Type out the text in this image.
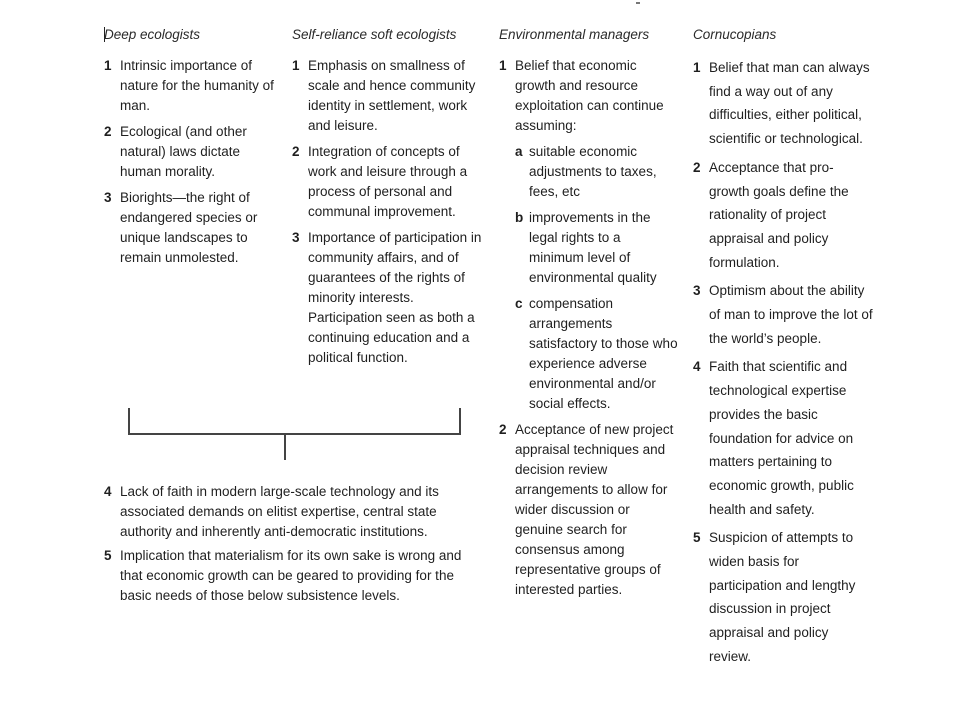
Deep ecologists
1 Intrinsic importance of nature for the humanity of man.
2 Ecological (and other natural) laws dictate human morality.
3 Biorights—the right of endangered species or unique landscapes to remain unmolested.
Self-reliance soft ecologists
1 Emphasis on smallness of scale and hence community identity in settlement, work and leisure.
2 Integration of concepts of work and leisure through a process of personal and communal improvement.
3 Importance of participation in community affairs, and of guarantees of the rights of minority interests. Participation seen as both a continuing education and a political function.
Environmental managers
1 Belief that economic growth and resource exploitation can continue assuming:
a suitable economic adjustments to taxes, fees, etc
b improvements in the legal rights to a minimum level of environmental quality
c compensation arrangements satisfactory to those who experience adverse environmental and/or social effects.
2 Acceptance of new project appraisal techniques and decision review arrangements to allow for wider discussion or genuine search for consensus among representative groups of interested parties.
Cornucopians
1 Belief that man can always find a way out of any difficulties, either political, scientific or technological.
2 Acceptance that pro-growth goals define the rationality of project appraisal and policy formulation.
3 Optimism about the ability of man to improve the lot of the world’s people.
4 Faith that scientific and technological expertise provides the basic foundation for advice on matters pertaining to economic growth, public health and safety.
5 Suspicion of attempts to widen basis for participation and lengthy discussion in project appraisal and policy review.
4 Lack of faith in modern large-scale technology and its associated demands on elitist expertise, central state authority and inherently anti-democratic institutions.
5 Implication that materialism for its own sake is wrong and that economic growth can be geared to providing for the basic needs of those below subsistence levels.
